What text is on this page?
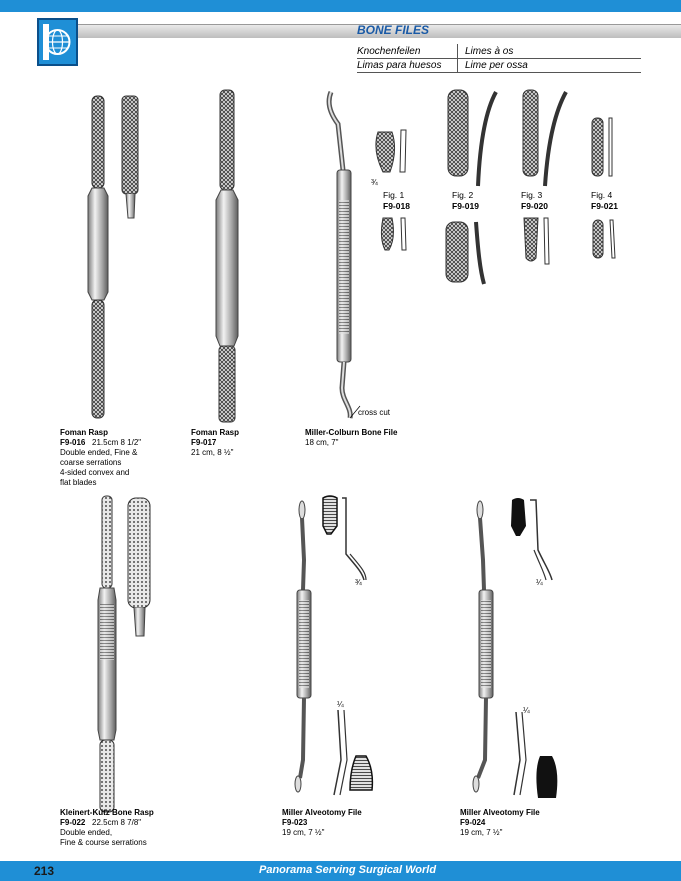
BONE FILES
Knochenfeilen	Limes à os
Limas para huesos Lime per ossa
¾
cross cut
¾
¼
¼
¼
Fig. 1
F9-018
Fig. 2
F9-019
Fig. 3
F9-020
Fig. 4
F9-021
Foman Rasp
F9-016 21.5cm 8 1/2"
Double ended, Fine &
coarse serrations
4-sided convex and
flat blades
Foman Rasp
F9-017
21 cm, 8 ½"
Miller-Colburn Bone File
18 cm, 7"
Kleinert-Kutz Bone Rasp
F9-022 22.5cm 8 7/8"
Double ended,
Fine & course serrations
Miller Alveotomy File
F9-023
19 cm, 7 ½"
Miller Alveotomy File
F9-024
19 cm, 7 ½"
213	Panorama Serving Surgical World
